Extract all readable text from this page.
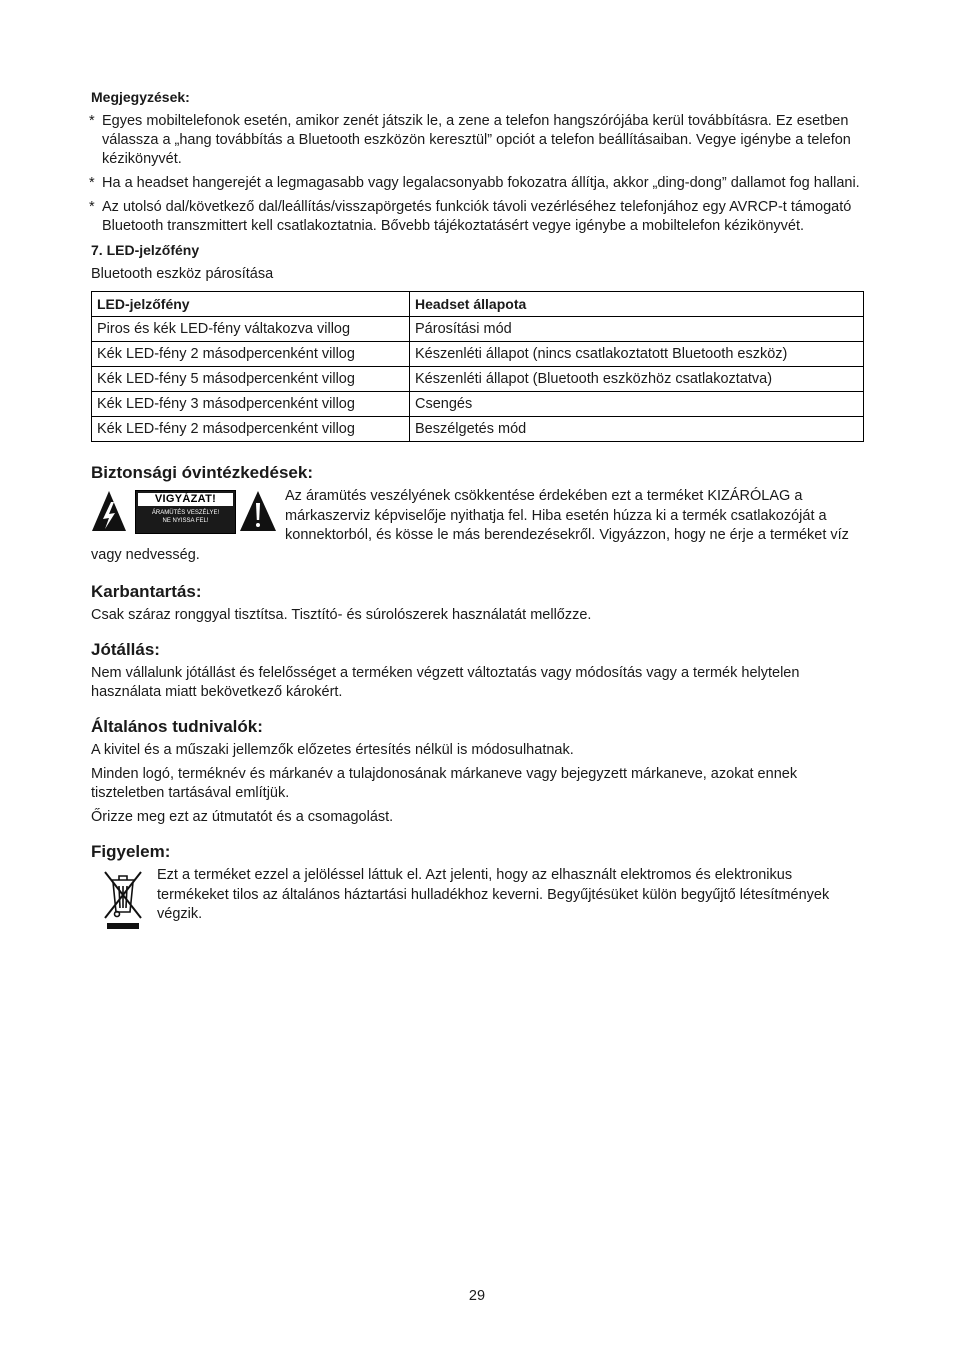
Megjegyzések:
* Egyes mobiltelefonok esetén, amikor zenét játszik le, a zene a telefon hangszórójába kerül továbbításra. Ez esetben válassza a „hang továbbítás a Bluetooth eszközön keresztül” opciót a telefon beállításaiban. Vegye igénybe a telefon kézikönyvét.
* Ha a headset hangerejét a legmagasabb vagy legalacsonyabb fokozatra állítja, akkor „ding-dong” dallamot fog hallani.
* Az utolsó dal/következő dal/leállítás/visszapörgetés funkciók távoli vezérléséhez telefonjához egy AVRCP-t támogató Bluetooth transzmittert kell csatlakoztatnia. Bővebb tájékoztatásért vegye igénybe a mobiltelefon kézikönyvét.
7. LED-jelzőfény
Bluetooth eszköz párosítása
LED-jelzőfény	Headset állapota
Piros és kék LED-fény váltakozva villog	Párosítási mód
Kék LED-fény 2 másodpercenként villog	Készenléti állapot (nincs csatlakoztatott Bluetooth eszköz)
Kék LED-fény 5 másodpercenként villog	Készenléti állapot (Bluetooth eszközhöz csatlakoztatva)
Kék LED-fény 3 másodpercenként villog	Csengés
Kék LED-fény 2 másodpercenként villog	Beszélgetés mód
Biztonsági óvintézkedések:
VIGYÁZAT!
ÁRAMÜTÉS VESZÉLYE!
NE NYISSA FEL!
Az áramütés veszélyének csökkentése érdekében ezt a terméket KIZÁRÓLAG a márkaszerviz képviselője nyithatja fel. Hiba esetén húzza ki a termék csatlakozóját a konnektorból, és kösse le más berendezésekről. Vigyázzon, hogy ne érje a terméket víz vagy nedvesség.
Karbantartás:
Csak száraz ronggyal tisztítsa. Tisztító- és súrolószerek használatát mellőzze.
Jótállás:
Nem vállalunk jótállást és felelősséget a terméken végzett változtatás vagy módosítás vagy a termék helytelen használata miatt bekövetkező károkért.
Általános tudnivalók:
A kivitel és a műszaki jellemzők előzetes értesítés nélkül is módosulhatnak.
Minden logó, terméknév és márkanév a tulajdonosának márkaneve vagy bejegyzett márkaneve, azokat ennek tiszteletben tartásával említjük.
Őrizze meg ezt az útmutatót és a csomagolást.
Figyelem:
Ezt a terméket ezzel a jelöléssel láttuk el. Azt jelenti, hogy az elhasznált elektromos és elektronikus termékeket tilos az általános háztartási hulladékhoz keverni. Begyűjtésüket külön begyűjtő létesítmények végzik.
29
